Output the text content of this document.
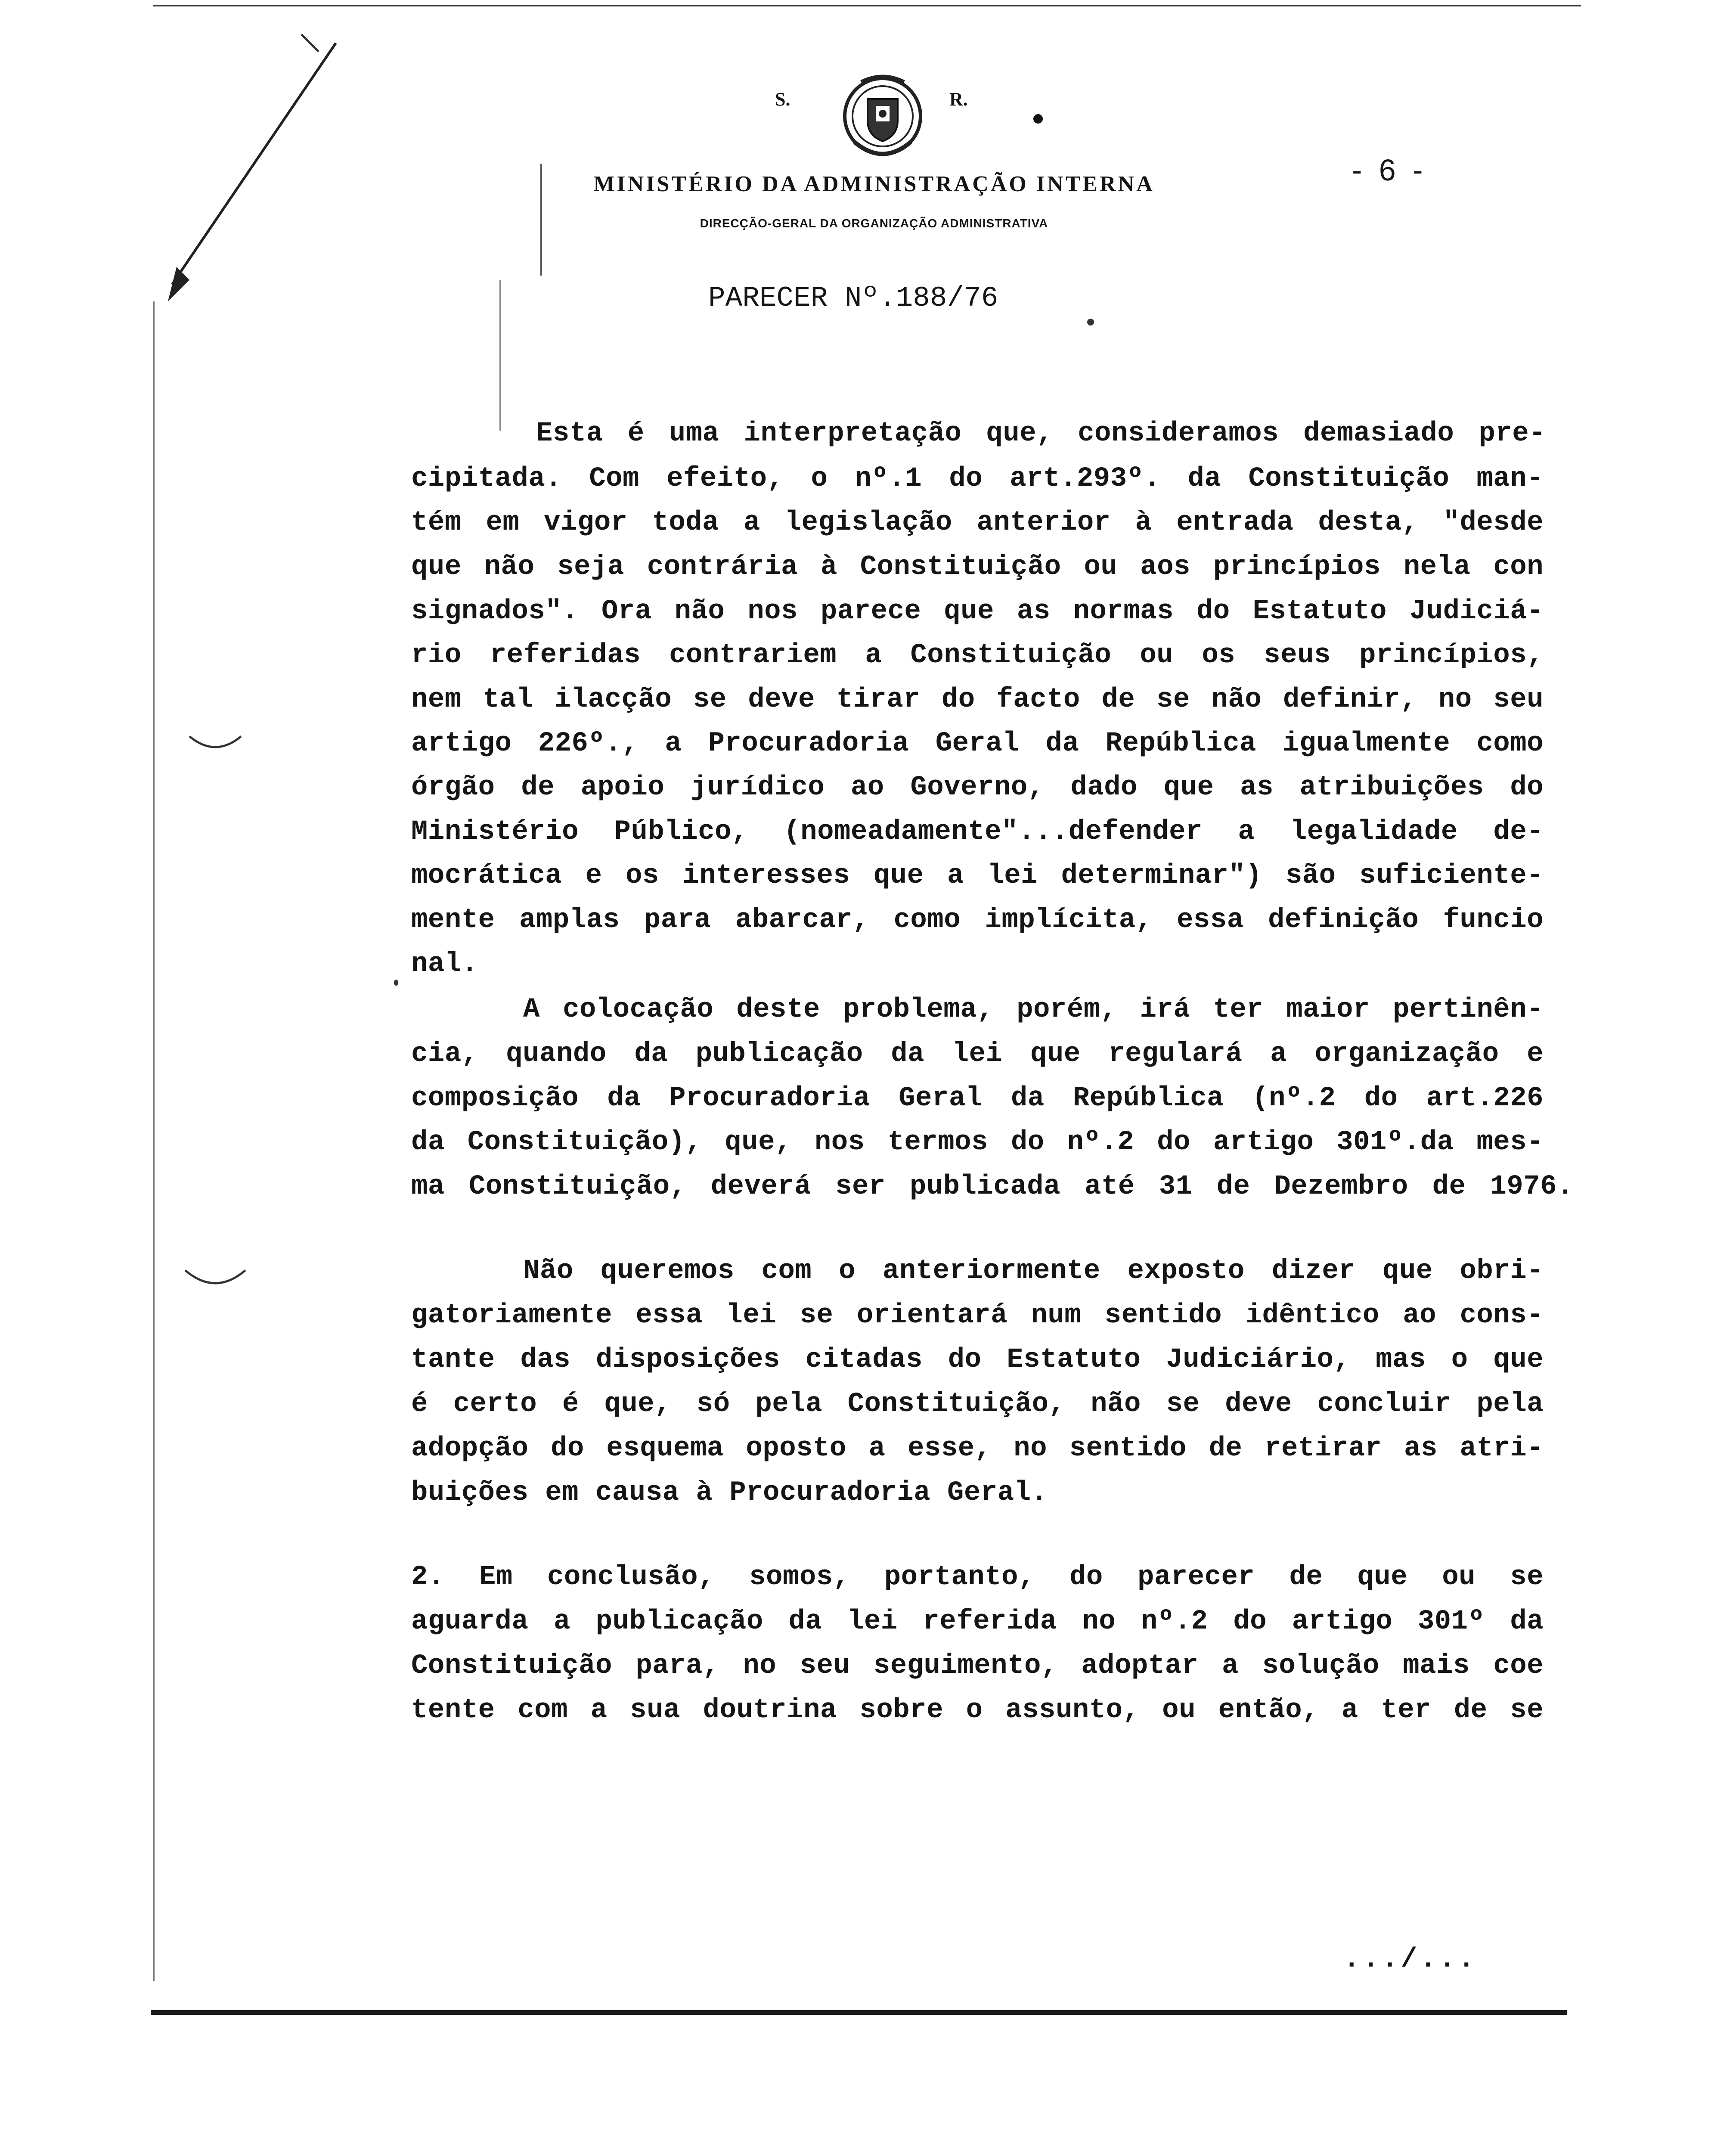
S.	R.
MINISTÉRIO DA ADMINISTRAÇÃO INTERNA
DIRECÇÃO-GERAL DA ORGANIZAÇÃO ADMINISTRATIVA
- 6 -
PARECER Nº.188/76
Esta é uma interpretação que, consideramos demasiado pre-
cipitada. Com efeito, o nº.1 do art.293º. da Constituição man-
tém em vigor toda a legislação anterior à entrada desta, "desde
que não seja contrária à Constituição ou aos princípios nela con
signados". Ora não nos parece que as normas do Estatuto Judiciá-
rio referidas contrariem a Constituição ou os seus princípios,
nem tal ilacção se deve tirar do facto de se não definir, no seu
artigo 226º., a Procuradoria Geral da República igualmente como
órgão de apoio jurídico ao Governo, dado que as atribuições do
Ministério Público, (nomeadamente"...defender a legalidade de-
mocrática e os interesses que a lei determinar") são suficiente-
mente amplas para abarcar, como implícita, essa definição funcio
nal.
A colocação deste problema, porém, irá ter maior pertinên-
cia, quando da publicação da lei que regulará a organização e
composição da Procuradoria Geral da República (nº.2 do art.226
da Constituição), que, nos termos do nº.2 do artigo 301º.da mes-
ma Constituição, deverá ser publicada até 31 de Dezembro de 1976.
Não queremos com o anteriormente exposto dizer que obri-
gatoriamente essa lei se orientará num sentido idêntico ao cons-
tante das disposições citadas do Estatuto Judiciário, mas o que
é certo é que, só pela Constituição, não se deve concluir pela
adopção do esquema oposto a esse, no sentido de retirar as atri-
buições em causa à Procuradoria Geral.
2. Em conclusão, somos, portanto, do parecer de que ou se
aguarda a publicação da lei referida no nº.2 do artigo 301º da
Constituição para, no seu seguimento, adoptar a solução mais coe
tente com a sua doutrina sobre o assunto, ou então, a ter de se
.../...
